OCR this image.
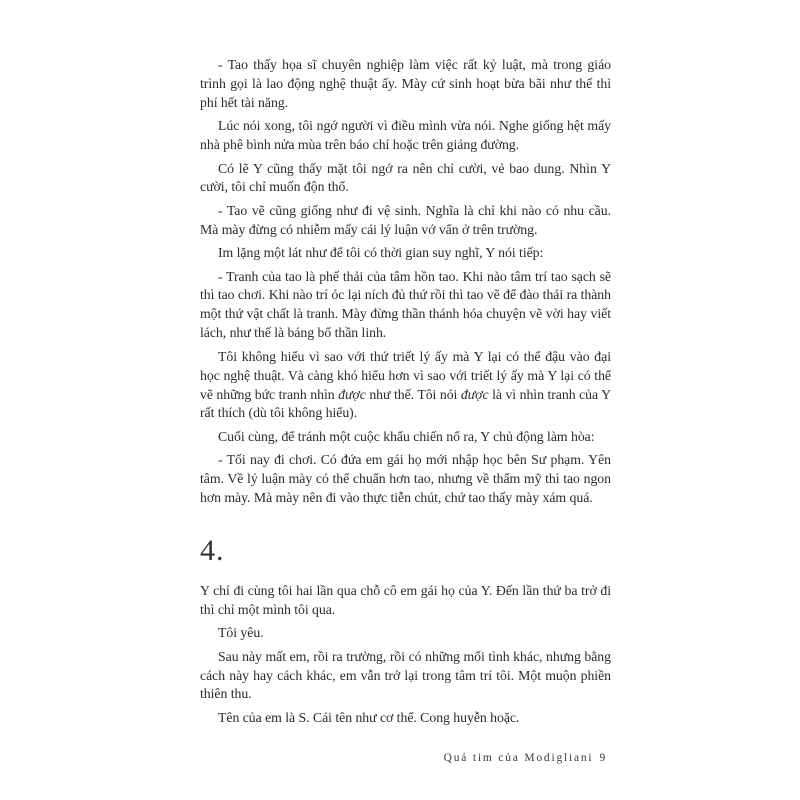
- Tao thấy họa sĩ chuyên nghiệp làm việc rất kỷ luật, mà trong giáo trình gọi là lao động nghệ thuật ấy. Mày cứ sinh hoạt bừa bãi như thế thì phí hết tài năng.

Lúc nói xong, tôi ngớ người vì điều mình vừa nói. Nghe giống hệt mấy nhà phê bình nửa mùa trên báo chí hoặc trên giảng đường.

Có lẽ Y cũng thấy mặt tôi ngớ ra nên chỉ cười, vẻ bao dung. Nhìn Y cười, tôi chỉ muốn độn thổ.

- Tao vẽ cũng giống như đi vệ sinh. Nghĩa là chỉ khi nào có nhu cầu. Mà mày đừng có nhiễm mấy cái lý luận vớ vẩn ở trên trường.

Im lặng một lát như để tôi có thời gian suy nghĩ, Y nói tiếp:

- Tranh của tao là phế thải của tâm hồn tao. Khi nào tâm trí tao sạch sẽ thì tao chơi. Khi nào trí óc lại ních đủ thứ rồi thì tao vẽ để đào thải ra thành một thứ vật chất là tranh. Mày đừng thần thánh hóa chuyện vẽ vời hay viết lách, như thế là báng bổ thần linh.

Tôi không hiểu vì sao với thứ triết lý ấy mà Y lại có thể đậu vào đại học nghệ thuật. Và càng khó hiểu hơn vì sao với triết lý ấy mà Y lại có thể vẽ những bức tranh nhìn được như thế. Tôi nói được là vì nhìn tranh của Y rất thích (dù tôi không hiểu).

Cuối cùng, để tránh một cuộc khẩu chiến nổ ra, Y chủ động làm hòa:

- Tối nay đi chơi. Có đứa em gái họ mới nhập học bên Sư phạm. Yên tâm. Về lý luận mày có thể chuẩn hơn tao, nhưng về thẩm mỹ thì tao ngon hơn mày. Mà mày nên đi vào thực tiễn chút, chứ tao thấy mày xám quá.

4.

Y chỉ đi cùng tôi hai lần qua chỗ cô em gái họ của Y. Đến lần thứ ba trở đi thì chỉ một mình tôi qua.

Tôi yêu.

Sau này mất em, rồi ra trường, rồi có những mối tình khác, nhưng bằng cách này hay cách khác, em vẫn trở lại trong tâm trí tôi. Một muộn phiền thiên thu.

Tên của em là S. Cái tên như cơ thể. Cong huyễn hoặc.

Quả tim của Modigliani 9
